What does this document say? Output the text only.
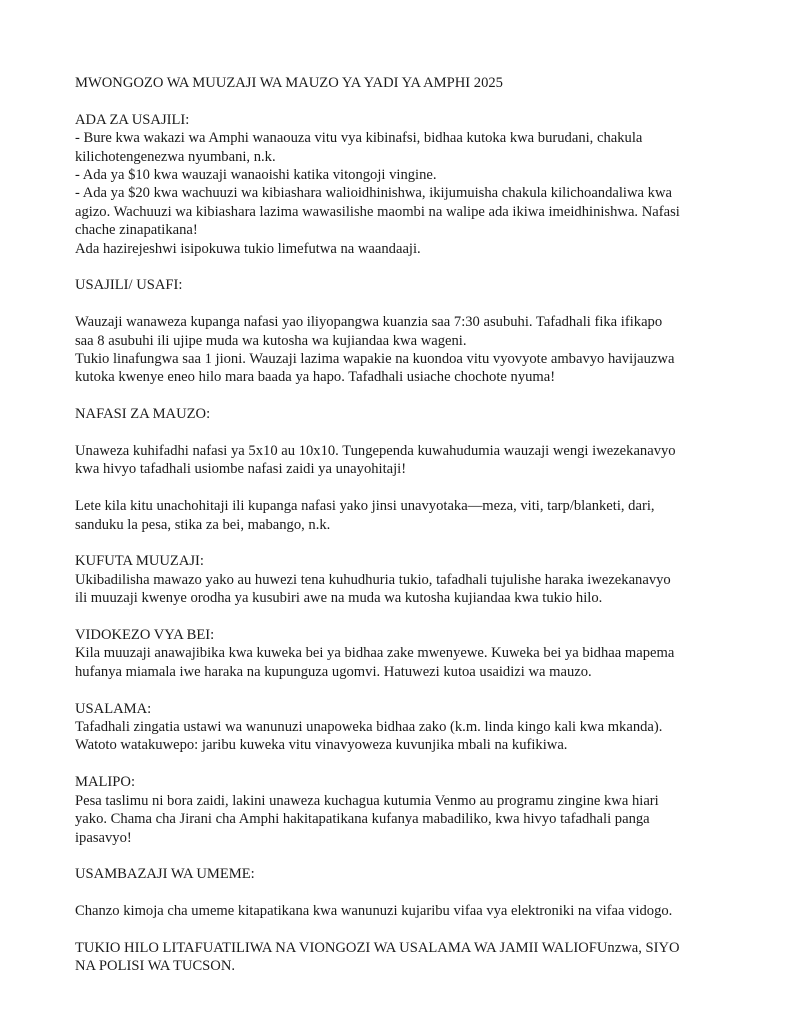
MWONGOZO WA MUUZAJI WA MAUZO YA YADI YA AMPHI 2025
ADA ZA USAJILI:
- Bure kwa wakazi wa Amphi wanaouza vitu vya kibinafsi, bidhaa kutoka kwa burudani, chakula
kilichotengenezwa nyumbani, n.k.
- Ada ya $10 kwa wauzaji wanaoishi katika vitongoji vingine.
- Ada ya $20 kwa wachuuzi wa kibiashara walioidhinishwa, ikijumuisha chakula kilichoandaliwa kwa
agizo. Wachuuzi wa kibiashara lazima wawasilishe maombi na walipe ada ikiwa imeidhinishwa. Nafasi
chache zinapatikana!
Ada hazirejeshwi isipokuwa tukio limefutwa na waandaaji.
USAJILI/ USAFI:
Wauzaji wanaweza kupanga nafasi yao iliyopangwa kuanzia saa 7:30 asubuhi. Tafadhali fika ifikapo
saa 8 asubuhi ili ujipe muda wa kutosha wa kujiandaa kwa wageni.
Tukio linafungwa saa 1 jioni. Wauzaji lazima wapakie na kuondoa vitu vyovyote ambavyo havijauzwa
kutoka kwenye eneo hilo mara baada ya hapo. Tafadhali usiache chochote nyuma!
NAFASI ZA MAUZO:
Unaweza kuhifadhi nafasi ya 5x10 au 10x10. Tungependa kuwahudumia wauzaji wengi iwezekanavyo
kwa hivyo tafadhali usiombe nafasi zaidi ya unayohitaji!
Lete kila kitu unachohitaji ili kupanga nafasi yako jinsi unavyotaka—meza, viti, tarp/blanketi, dari,
sanduku la pesa, stika za bei, mabango, n.k.
KUFUTA MUUZAJI:
Ukibadilisha mawazo yako au huwezi tena kuhudhuria tukio, tafadhali tujulishe haraka iwezekanavyo
ili muuzaji kwenye orodha ya kusubiri awe na muda wa kutosha kujiandaa kwa tukio hilo.
VIDOKEZO VYA BEI:
Kila muuzaji anawajibika kwa kuweka bei ya bidhaa zake mwenyewe. Kuweka bei ya bidhaa mapema
hufanya miamala iwe haraka na kupunguza ugomvi. Hatuwezi kutoa usaidizi wa mauzo.
USALAMA:
Tafadhali zingatia ustawi wa wanunuzi unapoweka bidhaa zako (k.m. linda kingo kali kwa mkanda).
Watoto watakuwepo: jaribu kuweka vitu vinavyoweza kuvunjika mbali na kufikiwa.
MALIPO:
Pesa taslimu ni bora zaidi, lakini unaweza kuchagua kutumia Venmo au programu zingine kwa hiari
yako. Chama cha Jirani cha Amphi hakitapatikana kufanya mabadiliko, kwa hivyo tafadhali panga
ipasavyo!
USAMBAZAJI WA UMEME:
Chanzo kimoja cha umeme kitapatikana kwa wanunuzi kujaribu vifaa vya elektroniki na vifaa vidogo.
TUKIO HILO LITAFUATILIWA NA VIONGOZI WA USALAMA WA JAMII WALIOFUnzwa, SIYO
NA POLISI WA TUCSON.
